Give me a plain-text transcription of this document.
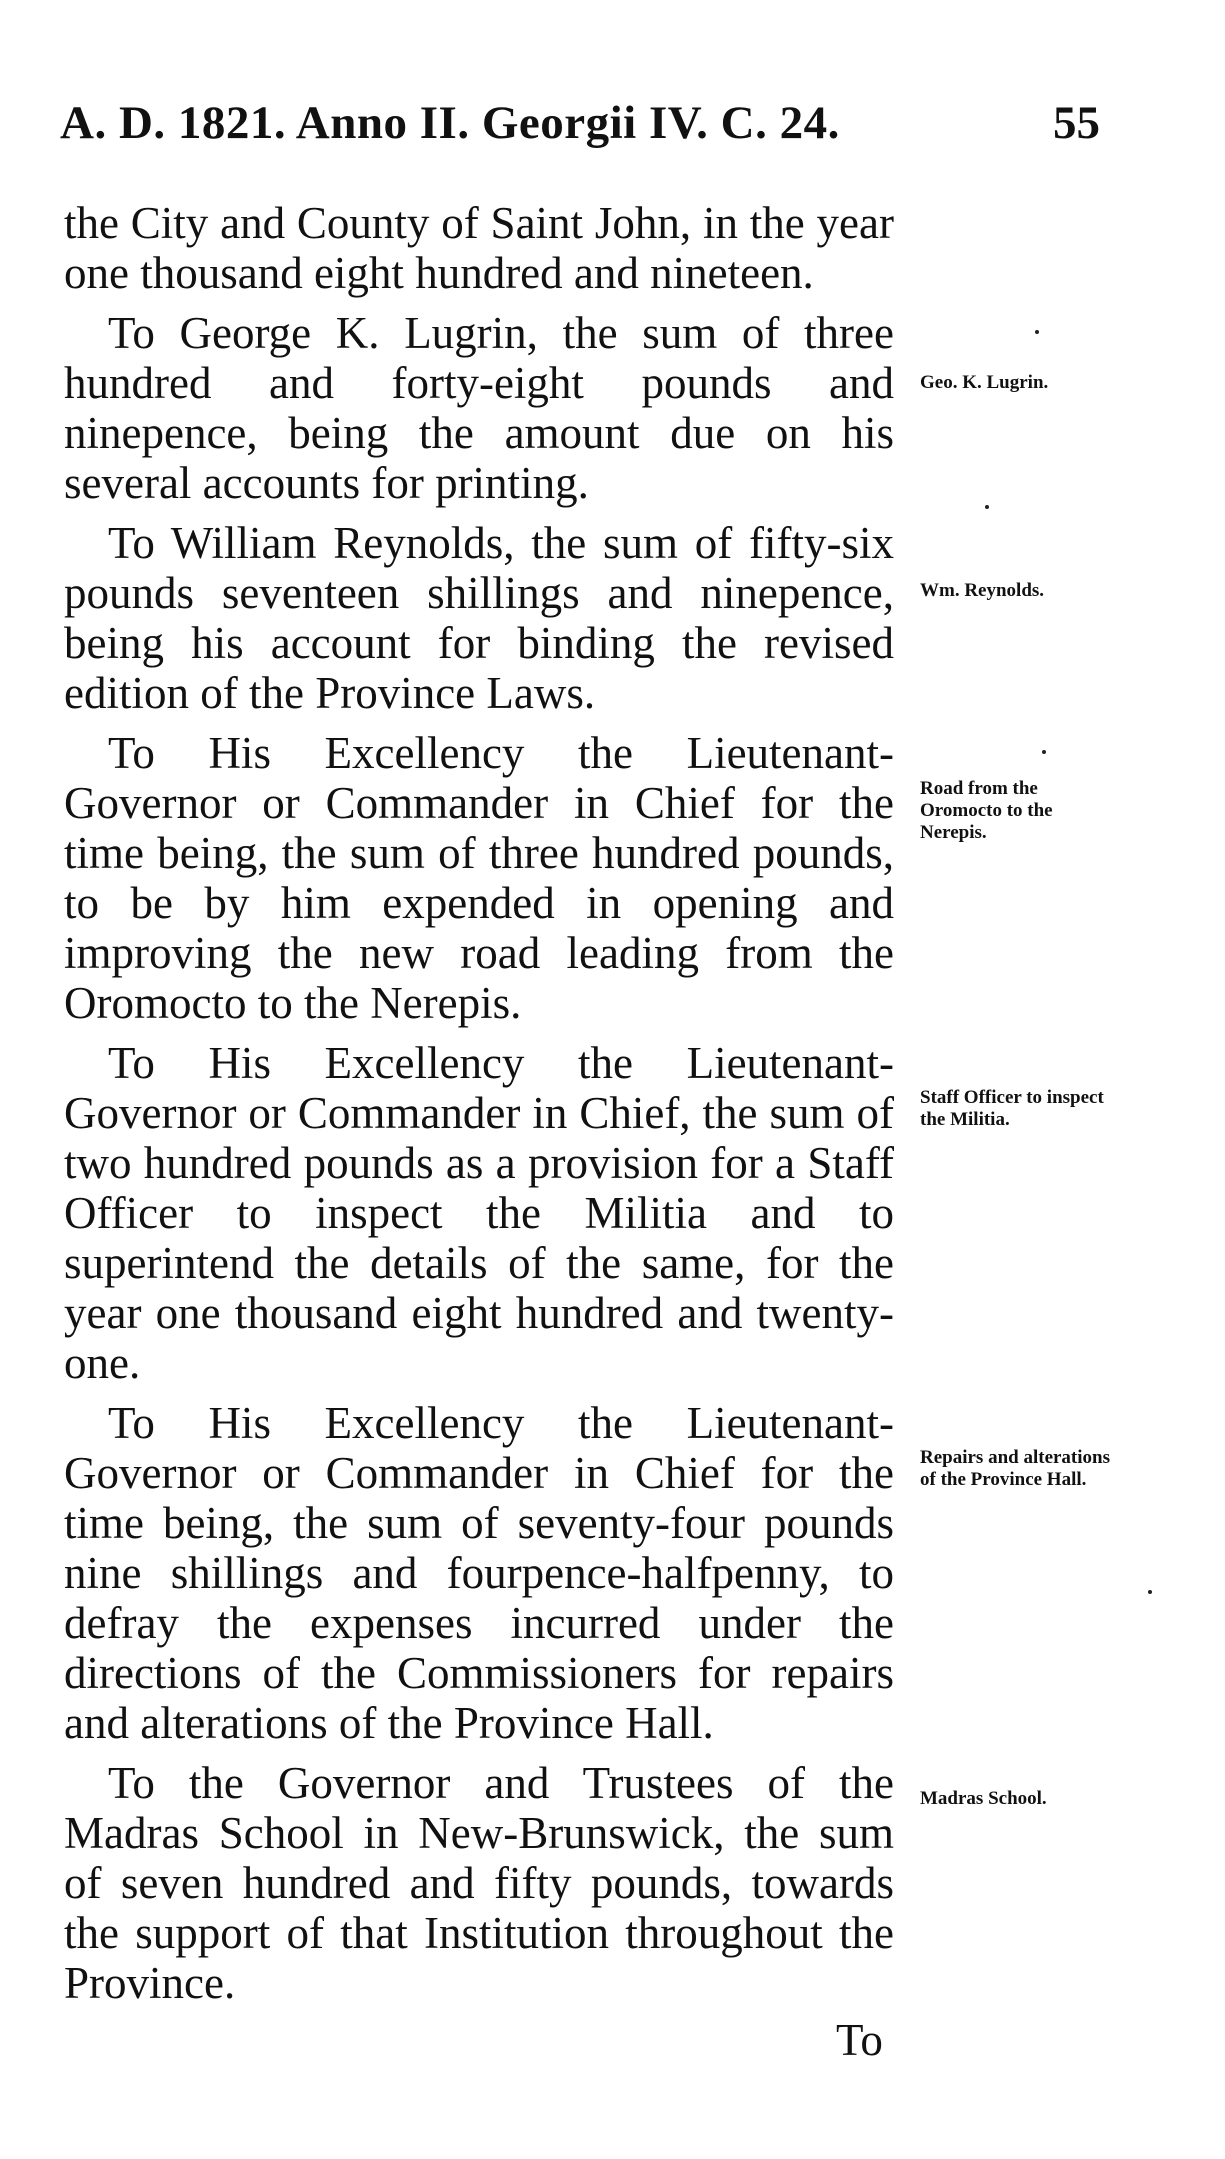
A. D. 1821. Anno II. Georgii IV. C. 24.	55

the City and County of Saint John, in the year one thousand eight hundred and nineteen.

To George K. Lugrin, the sum of three hundred and forty-eight pounds and ninepence, being the amount due on his several accounts for printing.

To William Reynolds, the sum of fifty-six pounds seventeen shillings and ninepence, being his account for binding the revised edition of the Province Laws.

To His Excellency the Lieutenant-Governor or Commander in Chief for the time being, the sum of three hundred pounds, to be by him expended in opening and improving the new road leading from the Oromocto to the Nerepis.

To His Excellency the Lieutenant-Governor or Commander in Chief, the sum of two hundred pounds as a provision for a Staff Officer to inspect the Militia and to superintend the details of the same, for the year one thousand eight hundred and twenty-one.

To His Excellency the Lieutenant-Governor or Commander in Chief for the time being, the sum of seventy-four pounds nine shillings and fourpence-halfpenny, to defray the expenses incurred under the directions of the Commissioners for repairs and alterations of the Province Hall.

To the Governor and Trustees of the Madras School in New-Brunswick, the sum of seven hundred and fifty pounds, towards the support of that Institution throughout the Province.

Geo. K. Lugrin.
Wm. Reynolds.
Road from the Oromocto to the Nerepis.
Staff Officer to inspect the Militia.
Repairs and alterations of the Province Hall.
Madras School.
To
